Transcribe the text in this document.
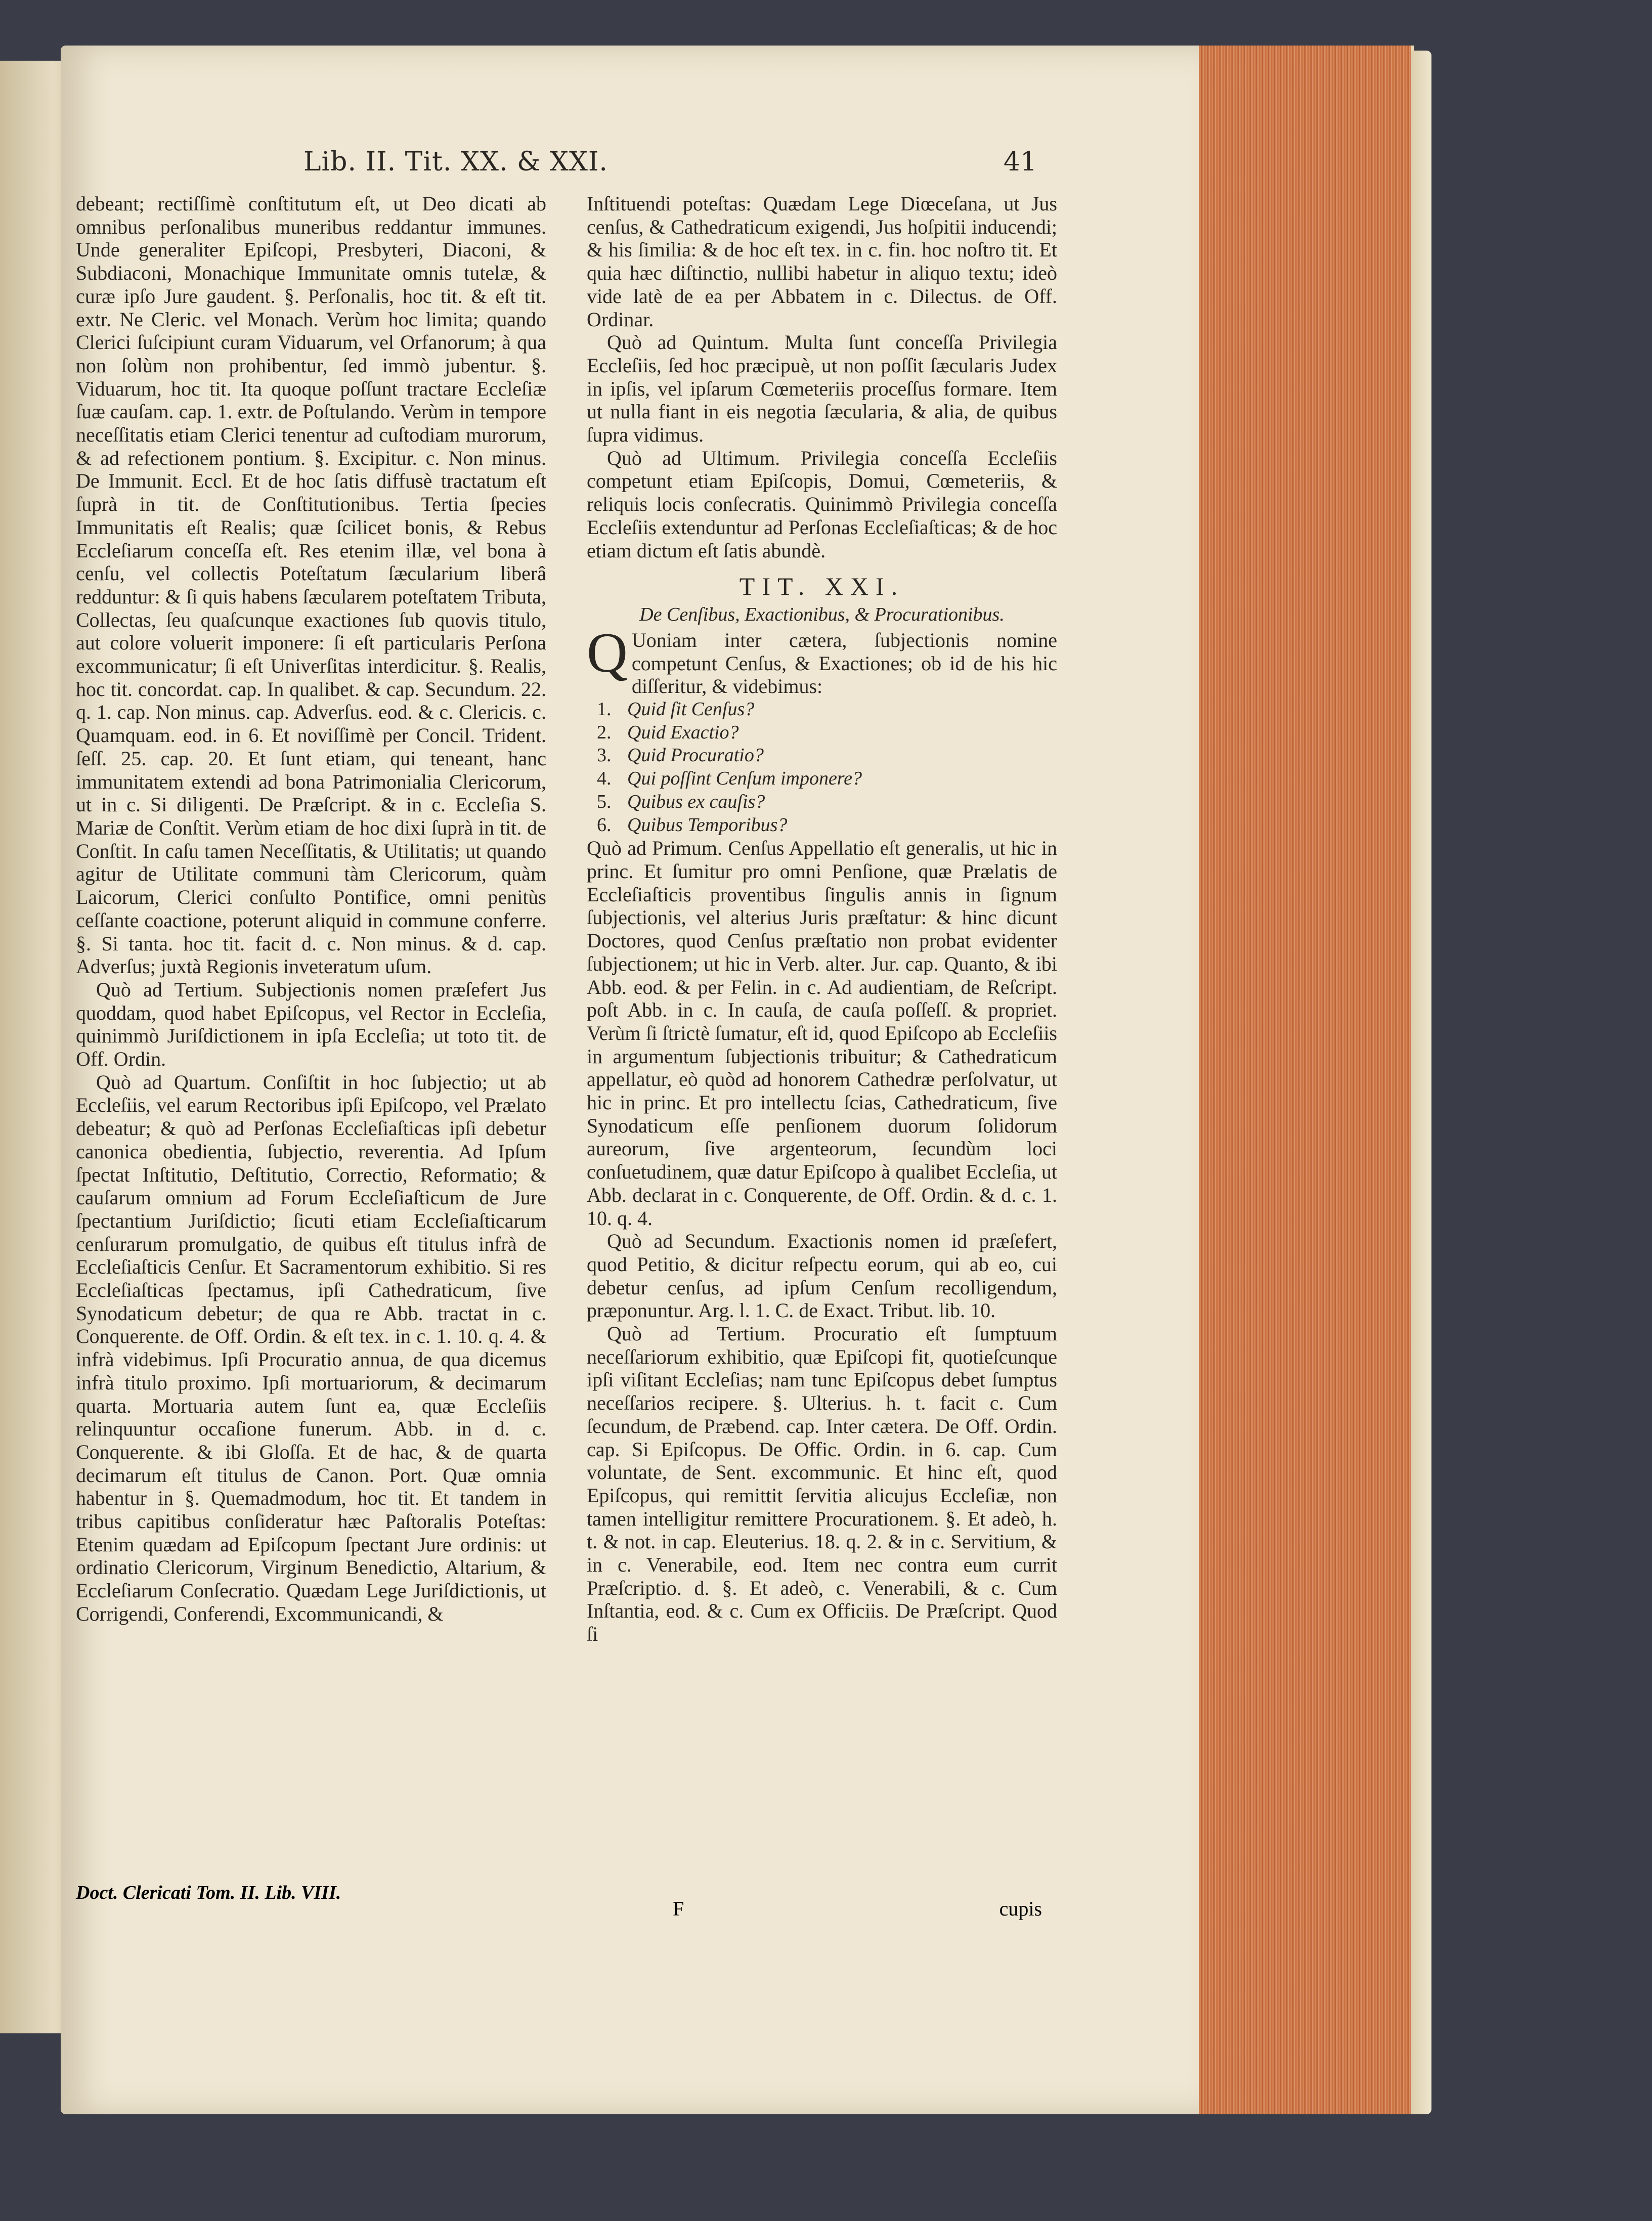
Lib. II. Tit. XX. & XXI.	41

debeant; rectiſſimè conſtitutum eſt, ut Deo dicati ab omnibus perſonalibus muneribus reddantur immunes. Unde generaliter Epiſcopi, Presbyteri, Diaconi, & Subdiaconi, Monachique Immunitate omnis tutelæ, & curæ ipſo Jure gaudent. §. Perſonalis, hoc tit. & eſt tit. extr. Ne Cleric. vel Monach. Verùm hoc limita; quando Clerici ſuſcipiunt curam Viduarum, vel Orfanorum; à qua non ſolùm non prohibentur, ſed immò jubentur. §. Viduarum, hoc tit. Ita quoque poſſunt tractare Eccleſiæ ſuæ cauſam. cap. 1. extr. de Poſtulando. Verùm in tempore neceſſitatis etiam Clerici tenentur ad cuſtodiam murorum, & ad refectionem pontium. §. Excipitur. c. Non minus. De Immunit. Eccl. Et de hoc ſatis diffusè tractatum eſt ſuprà in tit. de Conſtitutionibus. Tertia ſpecies Immunitatis eſt Realis; quæ ſcilicet bonis, & Rebus Eccleſiarum conceſſa eſt. Res etenim illæ, vel bona à cenſu, vel collectis Poteſtatum ſæcularium liberâ redduntur: & ſi quis habens ſæcularem poteſtatem Tributa, Collectas, ſeu quaſcunque exactiones ſub quovis titulo, aut colore voluerit imponere: ſi eſt particularis Perſona excommunicatur; ſi eſt Univerſitas interdicitur. §. Realis, hoc tit. concordat. cap. In qualibet. & cap. Secundum. 22. q. 1. cap. Non minus. cap. Adverſus. eod. & c. Clericis. c. Quamquam. eod. in 6. Et noviſſimè per Concil. Trident. ſeſſ. 25. cap. 20. Et ſunt etiam, qui teneant, hanc immunitatem extendi ad bona Patrimonialia Clericorum, ut in c. Si diligenti. De Præſcript. & in c. Eccleſia S. Mariæ de Conſtit. Verùm etiam de hoc dixi ſuprà in tit. de Conſtit. In caſu tamen Neceſſitatis, & Utilitatis; ut quando agitur de Utilitate communi tàm Clericorum, quàm Laicorum, Clerici conſulto Pontifice, omni penitùs ceſſante coactione, poterunt aliquid in commune conferre. §. Si tanta. hoc tit. facit d. c. Non minus. & d. cap. Adverſus; juxtà Regionis inveteratum uſum.

Quò ad Tertium. Subjectionis nomen præſefert Jus quoddam, quod habet Epiſcopus, vel Rector in Eccleſia, quinimmò Juriſdictionem in ipſa Eccleſia; ut toto tit. de Off. Ordin.

Quò ad Quartum. Conſiſtit in hoc ſubjectio; ut ab Eccleſiis, vel earum Rectoribus ipſi Epiſcopo, vel Prælato debeatur; & quò ad Perſonas Eccleſiaſticas ipſi debetur canonica obedientia, ſubjectio, reverentia. Ad Ipſum ſpectat Inſtitutio, Deſtitutio, Correctio, Reformatio; & cauſarum omnium ad Forum Eccleſiaſticum de Jure ſpectantium Juriſdictio; ſicuti etiam Eccleſiaſticarum cenſurarum promulgatio, de quibus eſt titulus infrà de Eccleſiaſticis Cenſur. Et Sacramentorum exhibitio. Si res Eccleſiaſticas ſpectamus, ipſi Cathedraticum, ſive Synodaticum debetur; de qua re Abb. tractat in c. Conquerente. de Off. Ordin. & eſt tex. in c. 1. 10. q. 4. & infrà videbimus. Ipſi Procuratio annua, de qua dicemus infrà titulo proximo. Ipſi mortuariorum, & decimarum quarta. Mortuaria autem ſunt ea, quæ Eccleſiis relinquuntur occaſione funerum. Abb. in d. c. Conquerente. & ibi Gloſſa. Et de hac, & de quarta decimarum eſt titulus de Canon. Port. Quæ omnia habentur in §. Quemadmodum, hoc tit. Et tandem in tribus capitibus conſideratur hæc Paſtoralis Poteſtas: Etenim quædam ad Epiſcopum ſpectant Jure ordinis: ut ordinatio Clericorum, Virginum Benedictio, Altarium, & Eccleſiarum Conſecratio. Quædam Lege Juriſdictionis, ut Corrigendi, Conferendi, Excommunicandi, &

Inſtituendi poteſtas: Quædam Lege Diœceſana, ut Jus cenſus, & Cathedraticum exigendi, Jus hoſpitii inducendi; & his ſimilia: & de hoc eſt tex. in c. fin. hoc noſtro tit. Et quia hæc diſtinctio, nullibi habetur in aliquo textu; ideò vide latè de ea per Abbatem in c. Dilectus. de Off. Ordinar.

Quò ad Quintum. Multa ſunt conceſſa Privilegia Eccleſiis, ſed hoc præcipuè, ut non poſſit ſæcularis Judex in ipſis, vel ipſarum Cœmeteriis proceſſus formare. Item ut nulla fiant in eis negotia ſæcularia, & alia, de quibus ſupra vidimus.

Quò ad Ultimum. Privilegia conceſſa Eccleſiis competunt etiam Epiſcopis, Domui, Cœmeteriis, & reliquis locis conſecratis. Quinimmò Privilegia conceſſa Eccleſiis extenduntur ad Perſonas Eccleſiaſticas; & de hoc etiam dictum eſt ſatis abundè.

TIT. XXI.
De Cenſibus, Exactionibus, & Procurationibus.

Q Uoniam inter cætera, ſubjectionis nomine competunt Cenſus, & Exactiones; ob id de his hic diſſeritur, & videbimus:

1. Quid ſit Cenſus?
2. Quid Exactio?
3. Quid Procuratio?
4. Qui poſſint Cenſum imponere?
5. Quibus ex cauſis?
6. Quibus Temporibus?

Quò ad Primum. Cenſus Appellatio eſt generalis, ut hic in princ. Et ſumitur pro omni Penſione, quæ Prælatis de Eccleſiaſticis proventibus ſingulis annis in ſignum ſubjectionis, vel alterius Juris præſtatur: & hinc dicunt Doctores, quod Cenſus præſtatio non probat evidenter ſubjectionem; ut hic in Verb. alter. Jur. cap. Quanto, & ibi Abb. eod. & per Felin. in c. Ad audientiam, de Reſcript. poſt Abb. in c. In cauſa, de cauſa poſſeſſ. & propriet. Verùm ſi ſtrictè ſumatur, eſt id, quod Epiſcopo ab Eccleſiis in argumentum ſubjectionis tribuitur; & Cathedraticum appellatur, eò quòd ad honorem Cathedræ perſolvatur, ut hic in princ. Et pro intellectu ſcias, Cathedraticum, ſive Synodaticum eſſe penſionem duorum ſolidorum aureorum, ſive argenteorum, ſecundùm loci conſuetudinem, quæ datur Epiſcopo à qualibet Eccleſia, ut Abb. declarat in c. Conquerente, de Off. Ordin. & d. c. 1. 10. q. 4.

Quò ad Secundum. Exactionis nomen id præſefert, quod Petitio, & dicitur reſpectu eorum, qui ab eo, cui debetur cenſus, ad ipſum Cenſum recolligendum, præponuntur. Arg. l. 1. C. de Exact. Tribut. lib. 10.

Quò ad Tertium. Procuratio eſt ſumptuum neceſſariorum exhibitio, quæ Epiſcopi fit, quotieſcunque ipſi viſitant Eccleſias; nam tunc Epiſcopus debet ſumptus neceſſarios recipere. §. Ulterius. h. t. facit c. Cum ſecundum, de Præbend. cap. Inter cætera. De Off. Ordin. cap. Si Epiſcopus. De Offic. Ordin. in 6. cap. Cum voluntate, de Sent. excommunic. Et hinc eſt, quod Epiſcopus, qui remittit ſervitia alicujus Eccleſiæ, non tamen intelligitur remittere Procurationem. §. Et adeò, h. t. & not. in cap. Eleuterius. 18. q. 2. & in c. Servitium, & in c. Venerabile, eod. Item nec contra eum currit Præſcriptio. d. §. Et adeò, c. Venerabili, & c. Cum Inſtantia, eod. & c. Cum ex Officiis. De Præſcript. Quod ſi

Doct. Clericati Tom. II. Lib. VIII.
F	cupis
